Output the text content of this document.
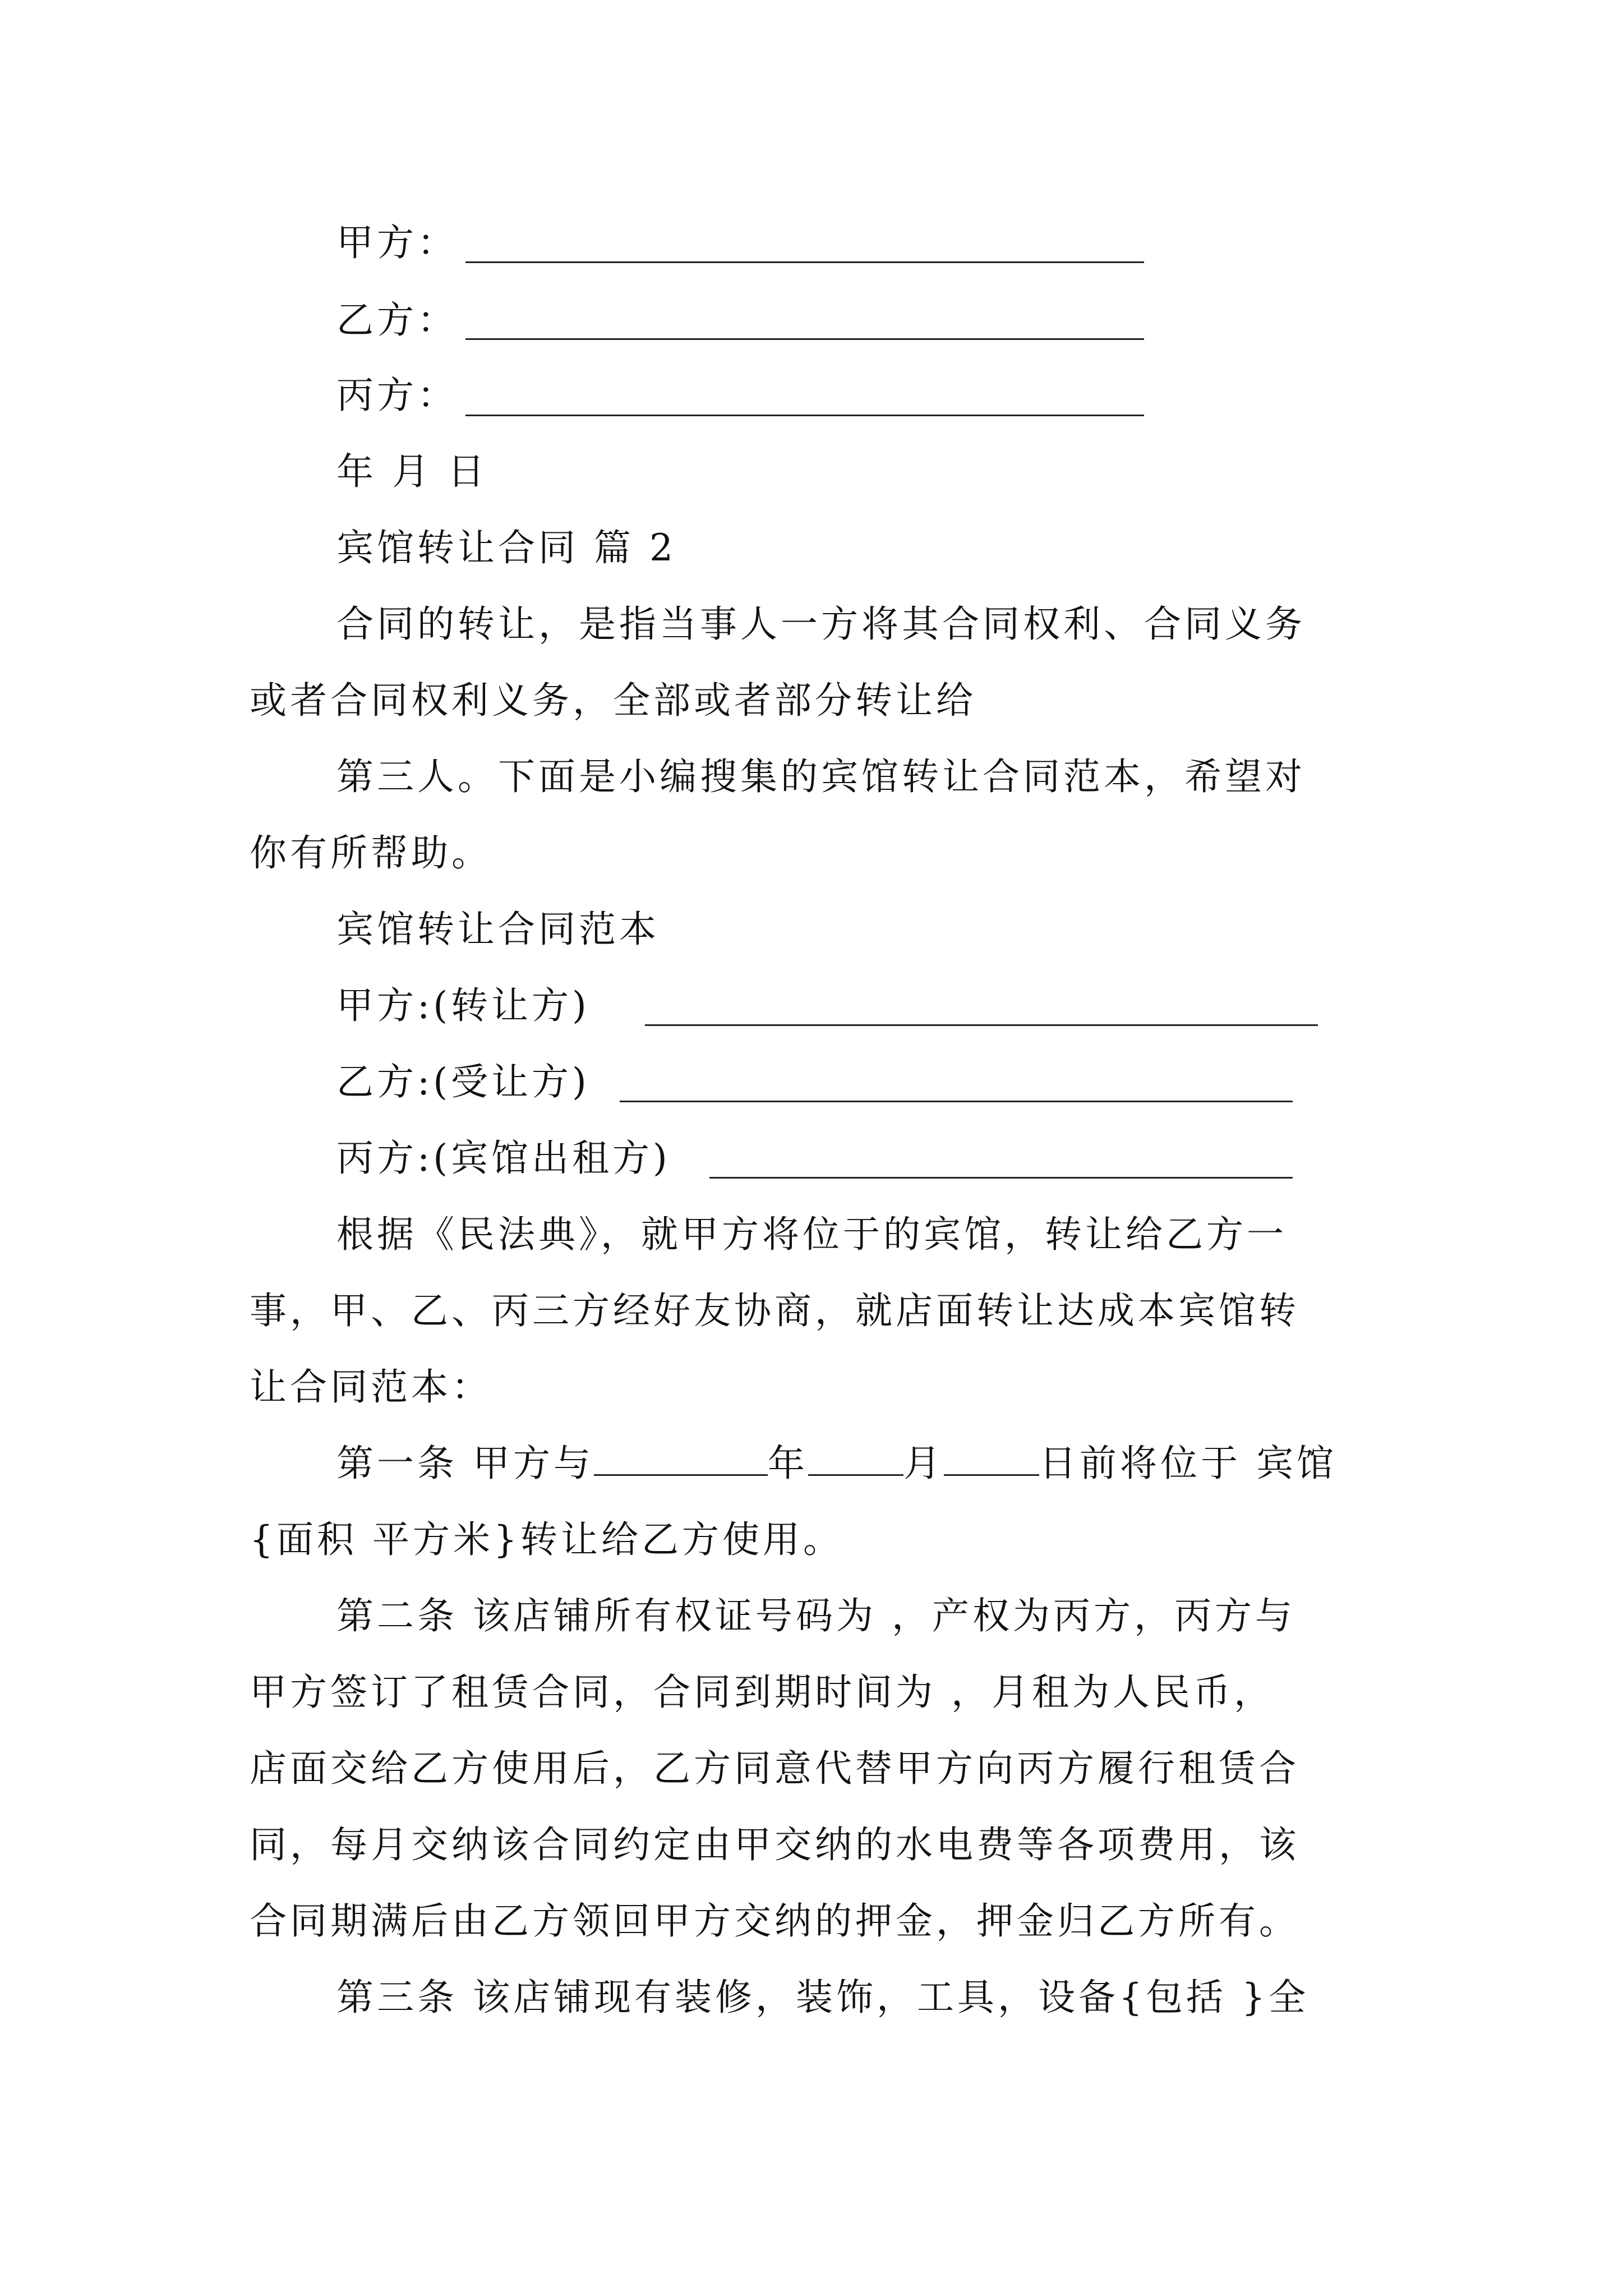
甲方：
乙方：
丙方：
年 月 日
宾馆转让合同 篇 2
合同的转让，是指当事人一方将其合同权利、合同义务
或者合同权利义务，全部或者部分转让给
第三人。下面是小编搜集的宾馆转让合同范本，希望对
你有所帮助。
宾馆转让合同范本
甲方:(转让方)
乙方:(受让方)
丙方:(宾馆出租方)
根据《民法典》，就甲方将位于的宾馆，转让给乙方一
事，甲、乙、丙三方经好友协商，就店面转让达成本宾馆转
让合同范本：
第一条 甲方与	年	月	日前将位于 宾馆
{面积 平方米}转让给乙方使用。
第二条 该店铺所有权证号码为 ，产权为丙方，丙方与
甲方签订了租赁合同，合同到期时间为 ，月租为人民币，
店面交给乙方使用后，乙方同意代替甲方向丙方履行租赁合
同，每月交纳该合同约定由甲交纳的水电费等各项费用，该
合同期满后由乙方领回甲方交纳的押金，押金归乙方所有。
第三条 该店铺现有装修，装饰，工具，设备{包括 }全
